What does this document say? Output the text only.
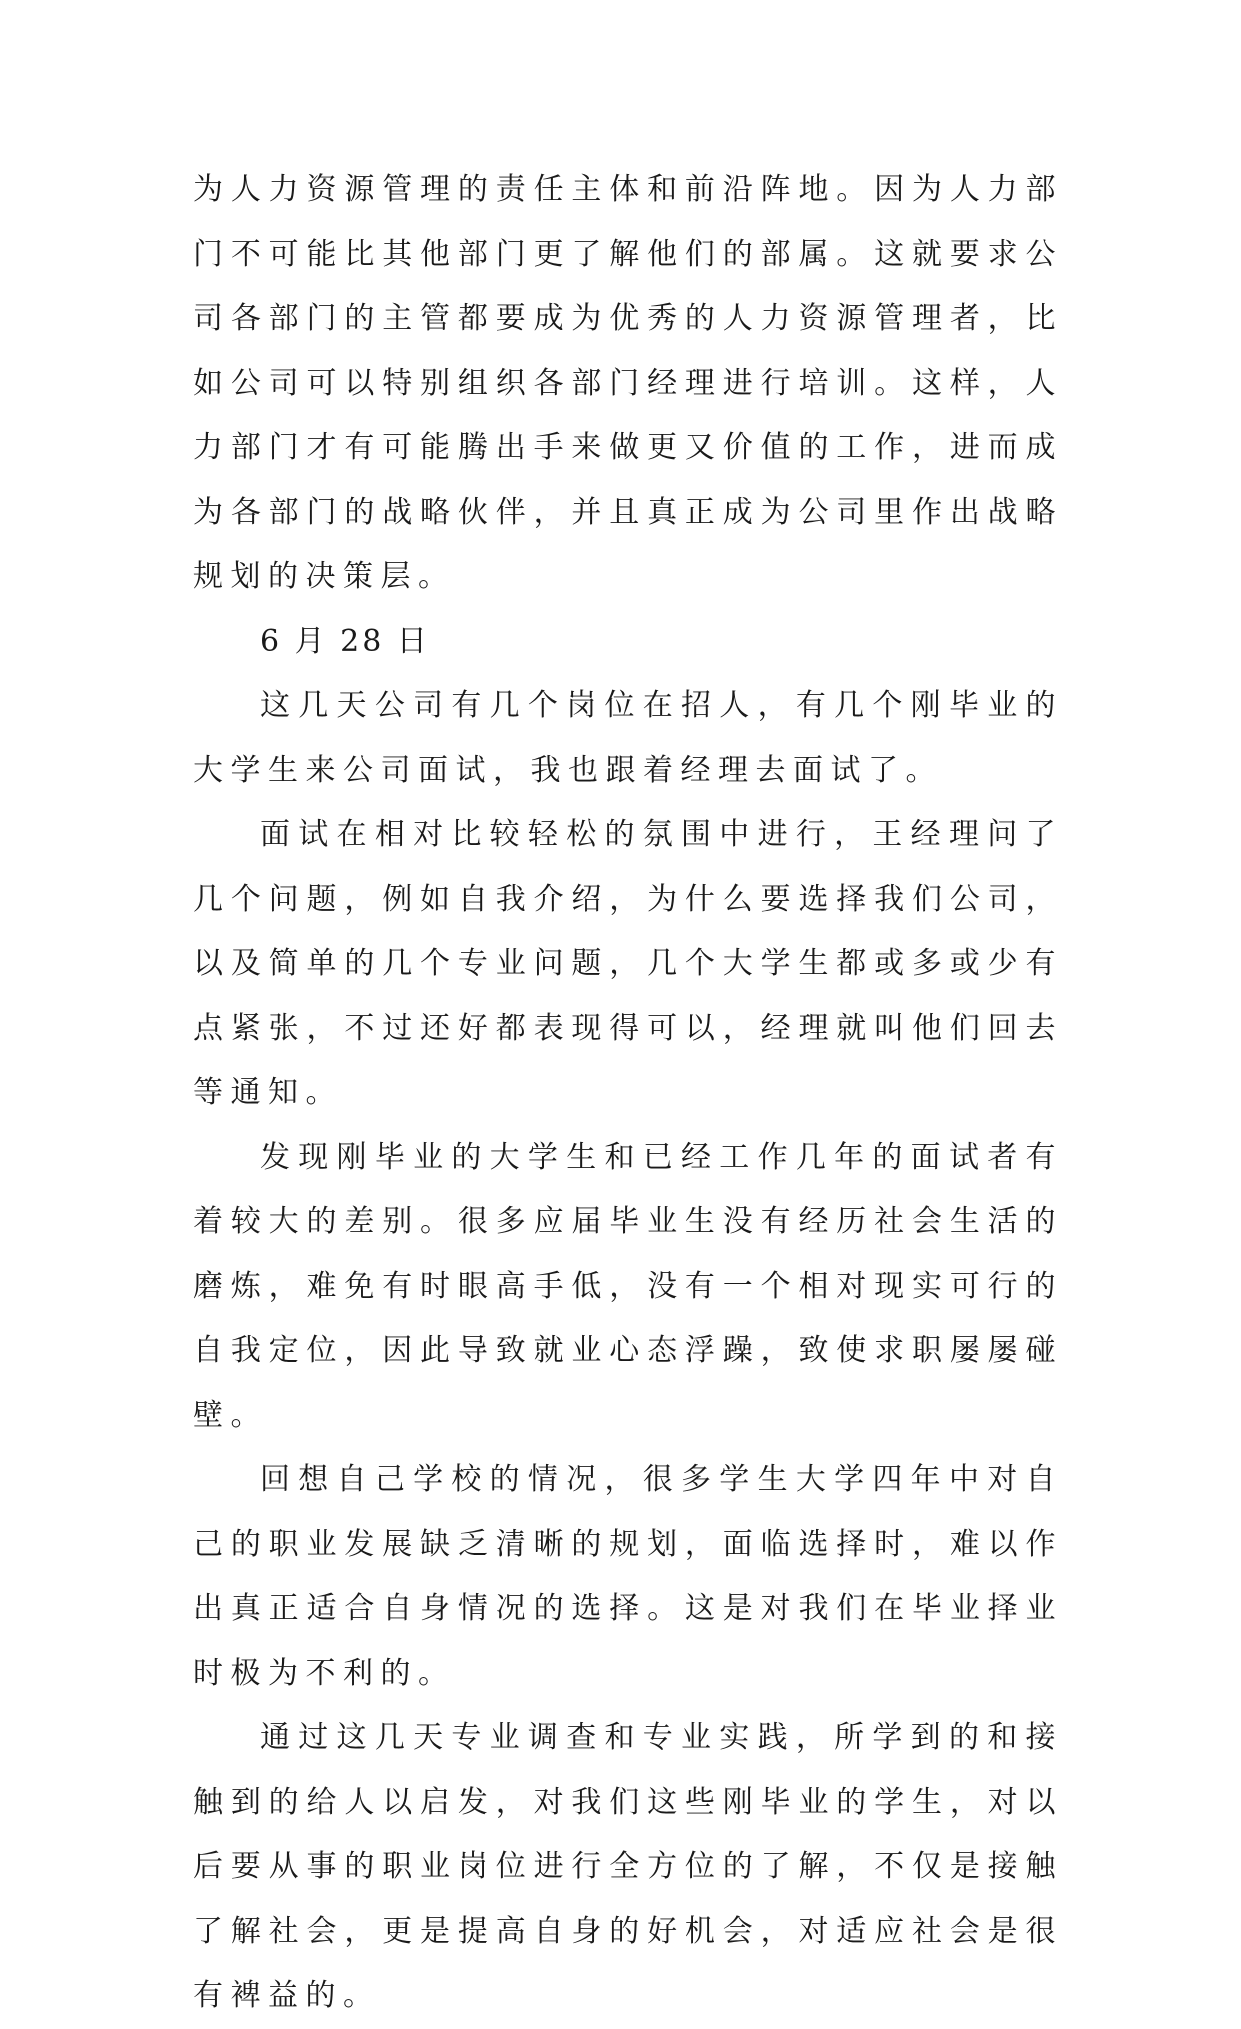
为人力资源管理的责任主体和前沿阵地。因为人力部门不可能比其他部门更了解他们的部属。这就要求公司各部门的主管都要成为优秀的人力资源管理者，比如公司可以特别组织各部门经理进行培训。这样，人力部门才有可能腾出手来做更又价值的工作，进而成为各部门的战略伙伴，并且真正成为公司里作出战略规划的决策层。

6 月 28 日

这几天公司有几个岗位在招人，有几个刚毕业的大学生来公司面试，我也跟着经理去面试了。

面试在相对比较轻松的氛围中进行，王经理问了几个问题，例如自我介绍，为什么要选择我们公司，以及简单的几个专业问题，几个大学生都或多或少有点紧张，不过还好都表现得可以，经理就叫他们回去等通知。

发现刚毕业的大学生和已经工作几年的面试者有着较大的差别。很多应届毕业生没有经历社会生活的磨炼，难免有时眼高手低，没有一个相对现实可行的自我定位，因此导致就业心态浮躁，致使求职屡屡碰壁。

回想自己学校的情况，很多学生大学四年中对自己的职业发展缺乏清晰的规划，面临选择时，难以作出真正适合自身情况的选择。这是对我们在毕业择业时极为不利的。

通过这几天专业调查和专业实践，所学到的和接触到的给人以启发，对我们这些刚毕业的学生，对以后要从事的职业岗位进行全方位的了解，不仅是接触了解社会，更是提高自身的好机会，对适应社会是很有裨益的。
